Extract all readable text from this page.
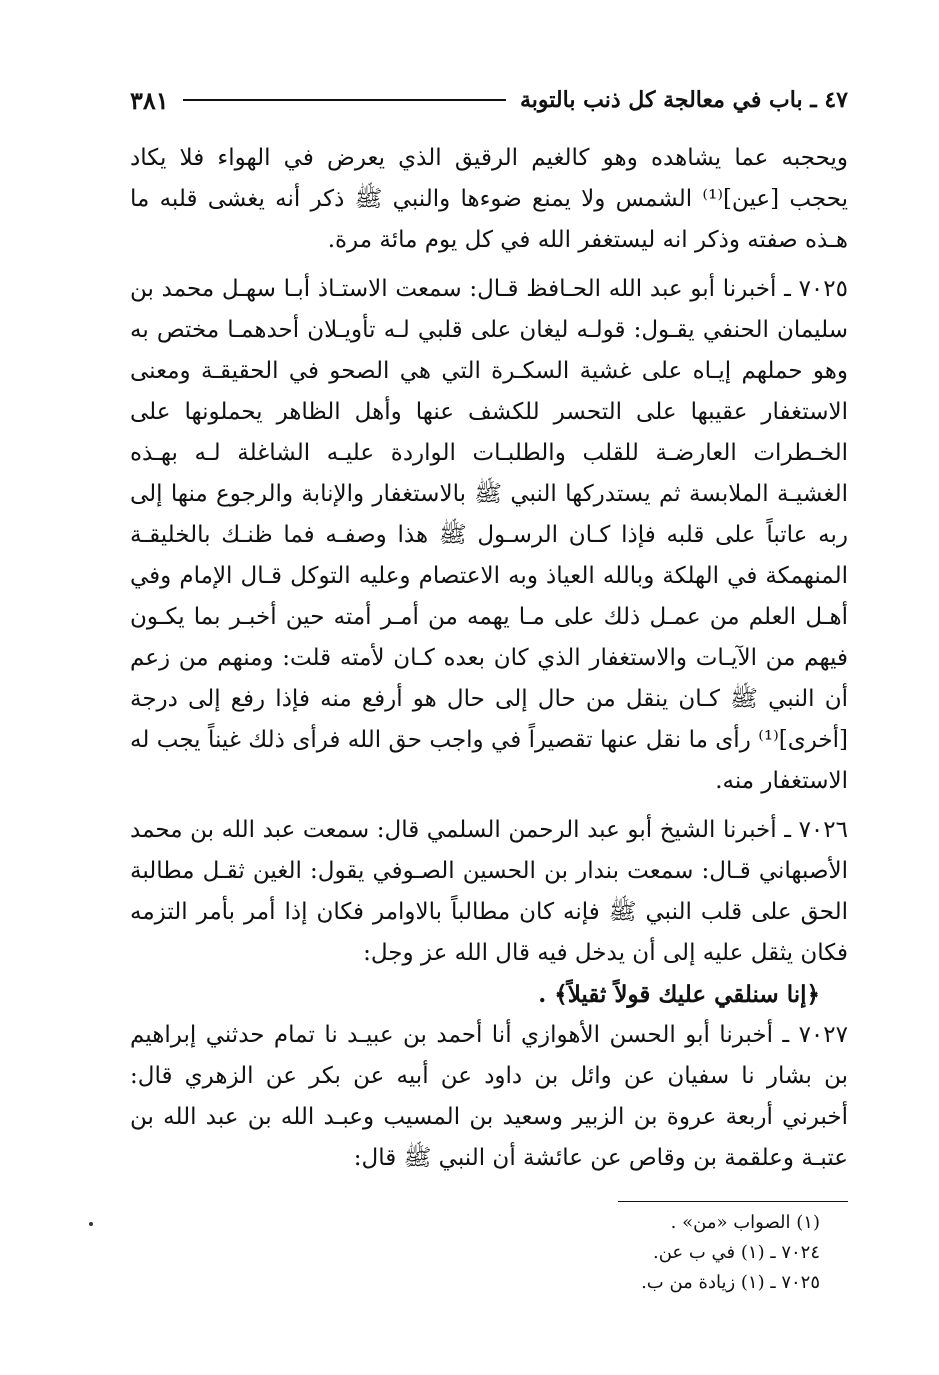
٤٧ ـ باب في معالجة كل ذنب بالتوبة
٣٨١

ويحجبه عما يشاهده وهو كالغيم الرقيق الذي يعرض في الهواء فلا يكاد يحجب [عين]⁽¹⁾ الشمس ولا يمنع ضوءها والنبي ﷺ ذكر أنه يغشى قلبه ما هـذه صفته وذكر انه ليستغفر الله في كل يوم مائة مرة.

٧٠٢٥ ـ أخبرنا أبو عبد الله الحـافظ قـال: سمعت الاستـاذ أبـا سهـل محمد بن سليمان الحنفي يقـول: قولـه ليغان على قلبي لـه تأويـلان أحدهمـا مختص به وهو حملهم إيـاه على غشية السكـرة التي هي الصحو في الحقيقـة ومعنى الاستغفار عقيبها على التحسر للكشف عنها وأهل الظاهر يحملونها على الخـطرات العارضـة للقلب والطلبـات الواردة عليـه الشاغلة لـه بهـذه الغشيـة الملابسة ثم يستدركها النبي ﷺ بالاستغفار والإنابة والرجوع منها إلى ربه عاتباً على قلبه فإذا كـان الرسـول ﷺ هذا وصفـه فما ظنـك بالخليقـة المنهمكة في الهلكة وبالله العياذ وبه الاعتصام وعليه التوكل قـال الإمام وفي أهـل العلم من عمـل ذلك على مـا يهمه من أمـر أمته حين أخبـر بما يكـون فيهم من الآيـات والاستغفار الذي كان بعده كـان لأمته قلت: ومنهم من زعم أن النبي ﷺ كـان ينقل من حال إلى حال هو أرفع منه فإذا رفع إلى درجة [أخرى]⁽¹⁾ رأى ما نقل عنها تقصيراً في واجب حق الله فرأى ذلك غيناً يجب له الاستغفار منه.

٧٠٢٦ ـ أخبرنا الشيخ أبو عبد الرحمن السلمي قال: سمعت عبد الله بن محمد الأصبهاني قـال: سمعت بندار بن الحسين الصـوفي يقول: الغين ثقـل مطالبة الحق على قلب النبي ﷺ فإنه كان مطالباً بالاوامر فكان إذا أمر بأمر التزمه فكان يثقل عليه إلى أن يدخل فيه قال الله عز وجل:

﴿إنا سنلقي عليك قولاً ثقيلاً﴾ .

٧٠٢٧ ـ أخبرنا أبو الحسن الأهوازي أنا أحمد بن عبيـد نا تمام حدثني إبراهيم بن بشار نا سفيان عن وائل بن داود عن أبيه عن بكر عن الزهري قال: أخبرني أربعة عروة بن الزبير وسعيد بن المسيب وعبـد الله بن عبد الله بن عتبـة وعلقمة بن وقاص عن عائشة أن النبي ﷺ قال:

(١) الصواب «من» .
٧٠٢٤ ـ (١) في ب عن.
٧٠٢٥ ـ (١) زيادة من ب.
